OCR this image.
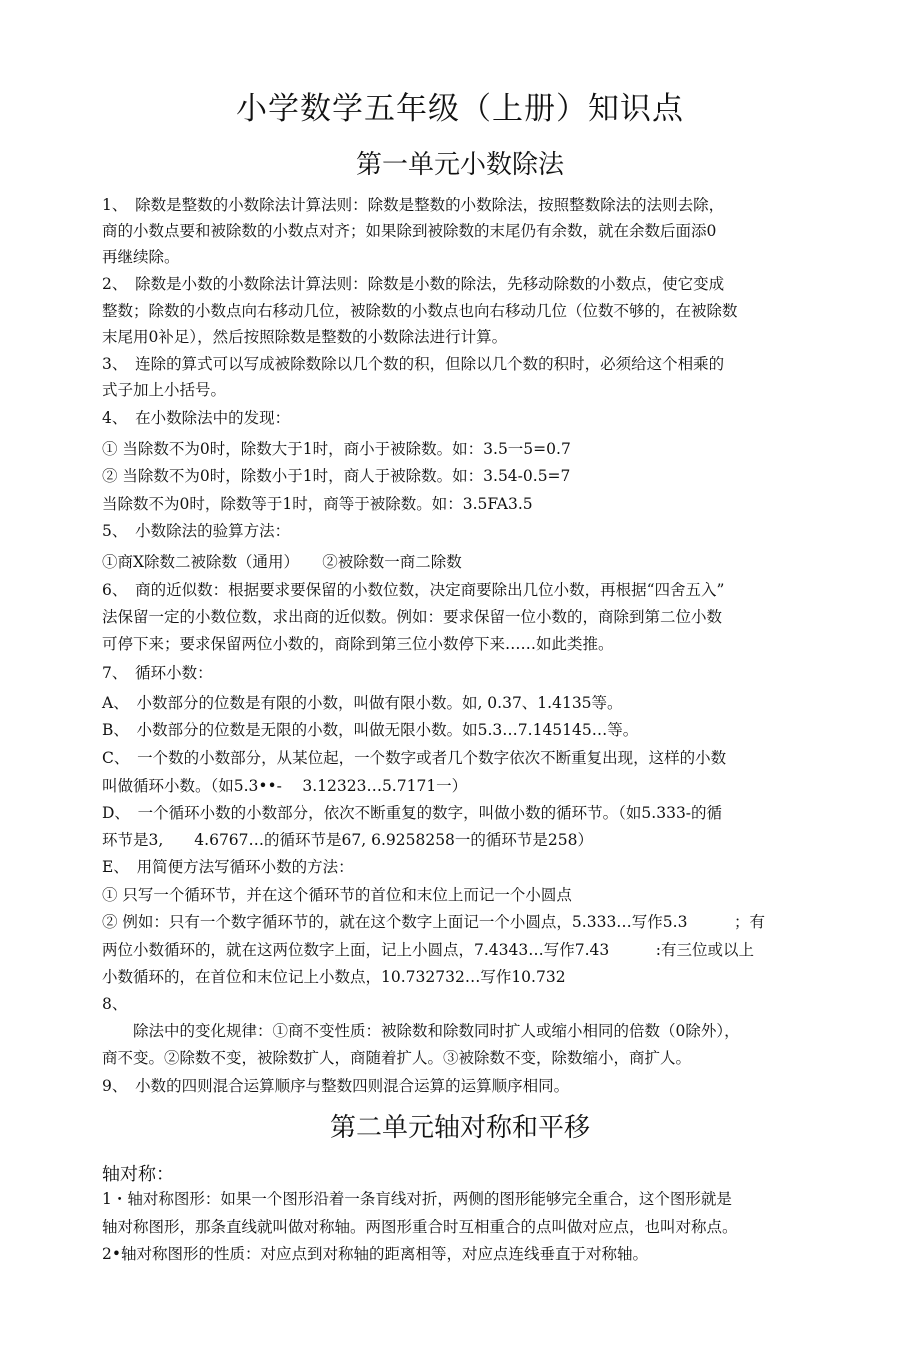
小学数学五年级（上册）知识点
第一单元小数除法
1、　除数是整数的小数除法计算法则：除数是整数的小数除法，按照整数除法的法则去除，
商的小数点要和被除数的小数点对齐；如果除到被除数的末尾仍有余数，就在余数后面添0
再继续除。
2、　除数是小数的小数除法计算法则：除数是小数的除法，先移动除数的小数点，使它变成
整数；除数的小数点向右移动几位，被除数的小数点也向右移动几位（位数不够的，在被除数
末尾用0补足），然后按照除数是整数的小数除法进行计算。
3、　连除的算式可以写成被除数除以几个数的积，但除以几个数的积时，必须给这个相乘的
式子加上小括号。
4、　在小数除法中的发现：
① 当除数不为0时，除数大于1时，商小于被除数。如：3.5一5=0.7
② 当除数不为0时，除数小于1时，商人于被除数。如：3.54-0.5=7
当除数不为0时，除数等于1时，商等于被除数。如：3.5FA3.5
5、　小数除法的验算方法：
①商X除数二被除数（通用）　　②被除数一商二除数
6、　商的近似数：根据要求要保留的小数位数，决定商要除出几位小数，再根据“四舍五入”
法保留一定的小数位数，求出商的近似数。例如：要求保留一位小数的，商除到第二位小数
可停下来；要求保留两位小数的，商除到第三位小数停下来……如此类推。
7、　循环小数：
A、　小数部分的位数是有限的小数，叫做有限小数。如, 0.37、1.4135等。
B、　小数部分的位数是无限的小数，叫做无限小数。如5.3…7.145145…等。
C、　一个数的小数部分，从某位起，一个数字或者几个数字依次不断重复出现，这样的小数
叫做循环小数。（如5.3••-　 3.12323…5.7171一）
D、　一个循环小数的小数部分，依次不断重复的数字，叫做小数的循环节。（如5.333-的循
环节是3,　　4.6767…的循环节是67, 6.9258258一的循环节是258）
E、　用简便方法写循环小数的方法：
① 只写一个循环节，并在这个循环节的首位和末位上而记一个小圆点
② 例如：只有一个数字循环节的，就在这个数字上面记一个小圆点，5.333…写作5.3　　　；有
两位小数循环的，就在这两位数字上面，记上小圆点，7.4343…写作7.43　　　:有三位或以上
小数循环的，在首位和末位记上小数点，10.732732…写作10.732
8、
　　除法中的变化规律：①商不变性质：被除数和除数同时扩人或缩小相同的倍数（0除外），
商不变。②除数不变，被除数扩人，商随着扩人。③被除数不变，除数缩小，商扩人。
9、　小数的四则混合运算顺序与整数四则混合运算的运算顺序相同。
第二单元轴对称和平移
轴对称：
1・轴对称图形：如果一个图形沿着一条肓线对折，两侧的图形能够完全重合，这个图形就是
轴对称图形，那条直线就叫做对称轴。两图形重合时互相重合的点叫做对应点，也叫对称点。
2•轴对称图形的性质：对应点到对称轴的距离相等，对应点连线垂直于对称轴。
